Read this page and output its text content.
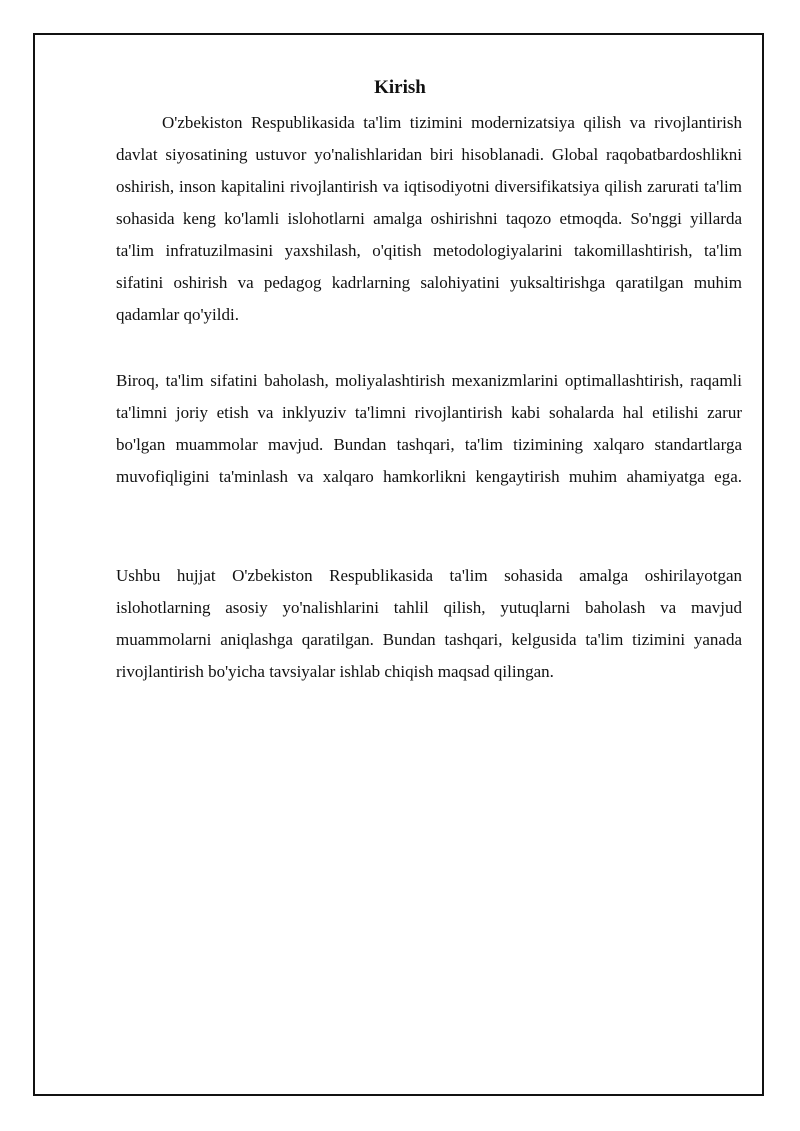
Kirish

O'zbekiston Respublikasida ta'lim tizimini modernizatsiya qilish va rivojlantirish davlat siyosatining ustuvor yo'nalishlaridan biri hisoblanadi. Global raqobatbardoshlikni oshirish, inson kapitalini rivojlantirish va iqtisodiyotni diversifikatsiya qilish zarurati ta'lim sohasida keng ko'lamli islohotlarni amalga oshirishni taqozo etmoqda. So'nggi yillarda ta'lim infratuzilmasini yaxshilash, o'qitish metodologiyalarini takomillashtirish, ta'lim sifatini oshirish va pedagog kadrlarning salohiyatini yuksaltirishga qaratilgan muhim qadamlar qo'yildi.

Biroq, ta'lim sifatini baholash, moliyalashtirish mexanizmlarini optimallashtirish, raqamli ta'limni joriy etish va inklyuziv ta'limni rivojlantirish kabi sohalarda hal etilishi zarur bo'lgan muammolar mavjud. Bundan tashqari, ta'lim tizimining xalqaro standartlarga muvofiqligini ta'minlash va xalqaro hamkorlikni kengaytirish muhim ahamiyatga ega.

Ushbu hujjat O'zbekiston Respublikasida ta'lim sohasida amalga oshirilayotgan islohotlarning asosiy yo'nalishlarini tahlil qilish, yutuqlarni baholash va mavjud muammolarni aniqlashga qaratilgan. Bundan tashqari, kelgusida ta'lim tizimini yanada rivojlantirish bo'yicha tavsiyalar ishlab chiqish maqsad qilingan.
